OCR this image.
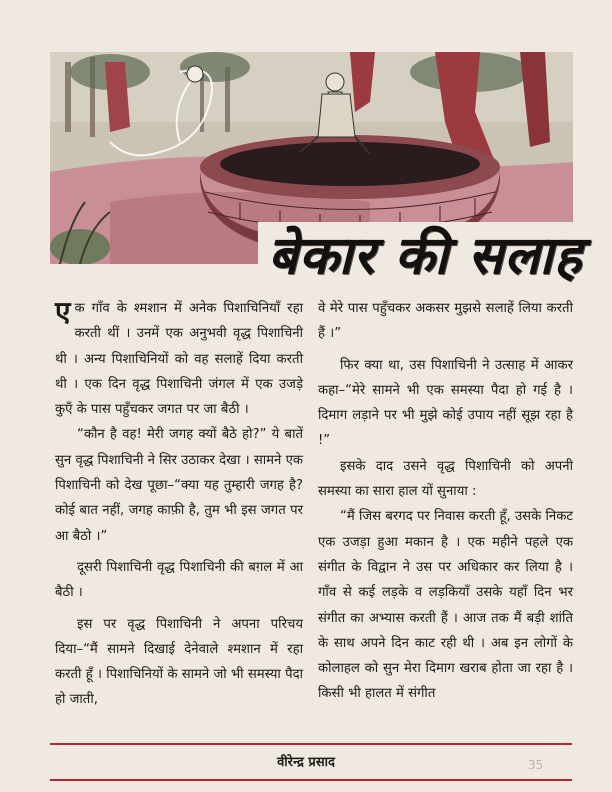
बेकार की सलाह

एक गाँव के श्मशान में अनेक पिशाचिनियाँ रहा करती थीं । उनमें एक अनुभवी वृद्ध पिशाचिनी थी । अन्य पिशाचिनियों को वह सलाहें दिया करती थी । एक दिन वृद्ध पिशाचिनी जंगल में एक उजड़े कुएँ के पास पहुँचकर जगत पर जा बैठी ।

“कौन है वह! मेरी जगह क्यों बैठे हो?” ये बातें सुन वृद्ध पिशाचिनी ने सिर उठाकर देखा । सामने एक पिशाचिनी को देख पूछा–“क्या यह तुम्हारी जगह है? कोई बात नहीं, जगह काफ़ी है, तुम भी इस जगत पर आ बैठो ।”

दूसरी पिशाचिनी वृद्ध पिशाचिनी की बग़ल में आ बैठी ।

इस पर वृद्ध पिशाचिनी ने अपना परिचय दिया–“मैं सामने दिखाई देनेवाले श्मशान में रहा करती हूँ । पिशाचिनियों के सामने जो भी समस्या पैदा हो जाती,

वे मेरे पास पहुँचकर अकसर मुझसे सलाहें लिया करती हैं ।”

फिर क्या था, उस पिशाचिनी ने उत्साह में आकर कहा–“मेरे सामने भी एक समस्या पैदा हो गई है । दिमाग लड़ाने पर भी मुझे कोई उपाय नहीं सूझ रहा है !”

इसके दाद उसने वृद्ध पिशाचिनी को अपनी समस्या का सारा हाल यों सुनाया :

“मैं जिस बरगद पर निवास करती हूँ, उसके निकट एक उजड़ा हुआ मकान है । एक महीने पहले एक संगीत के विद्वान ने उस पर अधिकार कर लिया है । गाँव से कई लड़के व लड़कियाँ उसके यहाँ दिन भर संगीत का अभ्यास करती हैं । आज तक मैं बड़ी शांति के साथ अपने दिन काट रही थी । अब इन लोगों के कोलाहल को सुन मेरा दिमाग खराब होता जा रहा है । किसी भी हालत में संगीत

वीरेन्द्र प्रसाद	35
